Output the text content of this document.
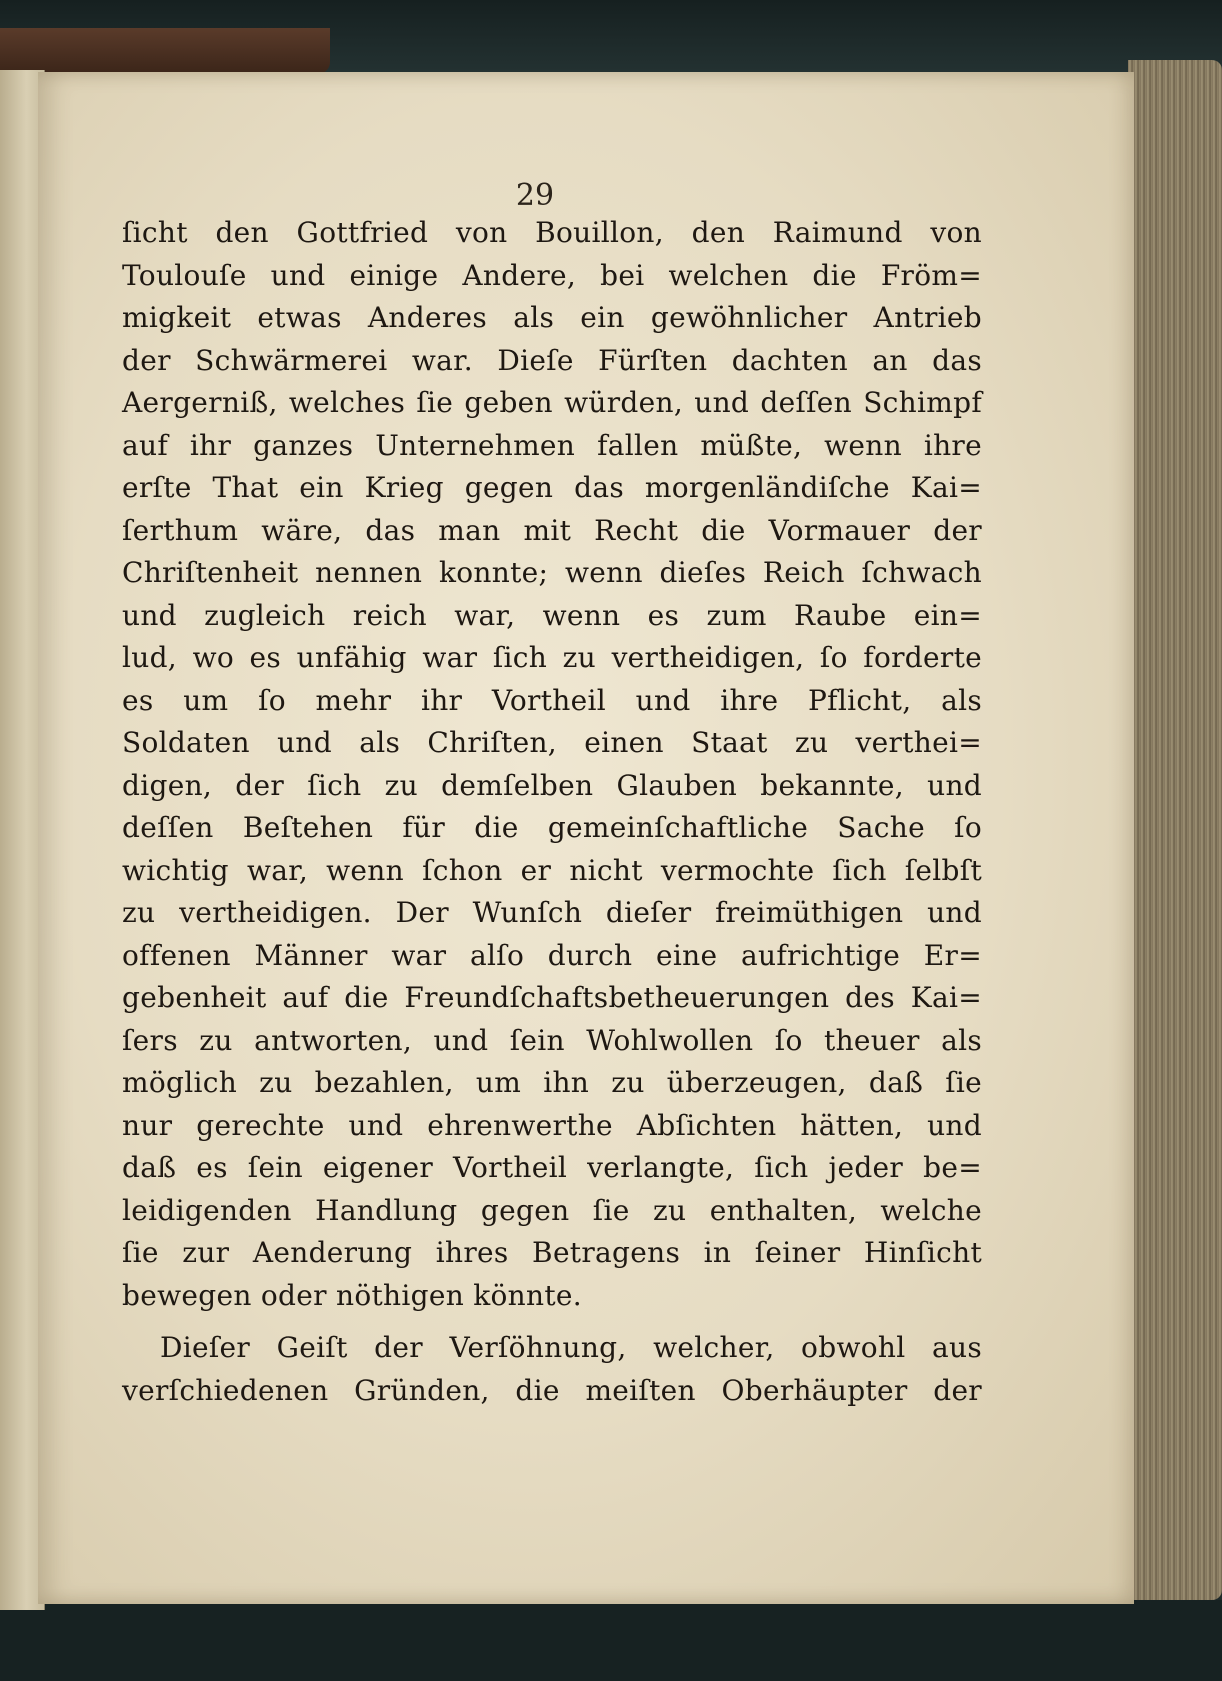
29
ſicht den Gottfried von Bouillon, den Raimund von
Toulouſe und einige Andere, bei welchen die Fröm=
migkeit etwas Anderes als ein gewöhnlicher Antrieb
der Schwärmerei war. Dieſe Fürſten dachten an das
Aergerniß, welches ſie geben würden, und deſſen Schimpf
auf ihr ganzes Unternehmen fallen müßte, wenn ihre
erſte That ein Krieg gegen das morgenländiſche Kai=
ſerthum wäre, das man mit Recht die Vormauer der
Chriſtenheit nennen konnte; wenn dieſes Reich ſchwach
und zugleich reich war, wenn es zum Raube ein=
lud, wo es unfähig war ſich zu vertheidigen, ſo forderte
es um ſo mehr ihr Vortheil und ihre Pflicht, als
Soldaten und als Chriſten, einen Staat zu verthei=
digen, der ſich zu demſelben Glauben bekannte, und
deſſen Beſtehen für die gemeinſchaftliche Sache ſo
wichtig war, wenn ſchon er nicht vermochte ſich ſelbſt
zu vertheidigen. Der Wunſch dieſer freimüthigen und
offenen Männer war alſo durch eine aufrichtige Er=
gebenheit auf die Freundſchaftsbetheuerungen des Kai=
ſers zu antworten, und ſein Wohlwollen ſo theuer als
möglich zu bezahlen, um ihn zu überzeugen, daß ſie
nur gerechte und ehrenwerthe Abſichten hätten, und
daß es ſein eigener Vortheil verlangte, ſich jeder be=
leidigenden Handlung gegen ſie zu enthalten, welche
ſie zur Aenderung ihres Betragens in ſeiner Hinſicht
bewegen oder nöthigen könnte.
Dieſer Geiſt der Verſöhnung, welcher, obwohl aus
verſchiedenen Gründen, die meiſten Oberhäupter der
